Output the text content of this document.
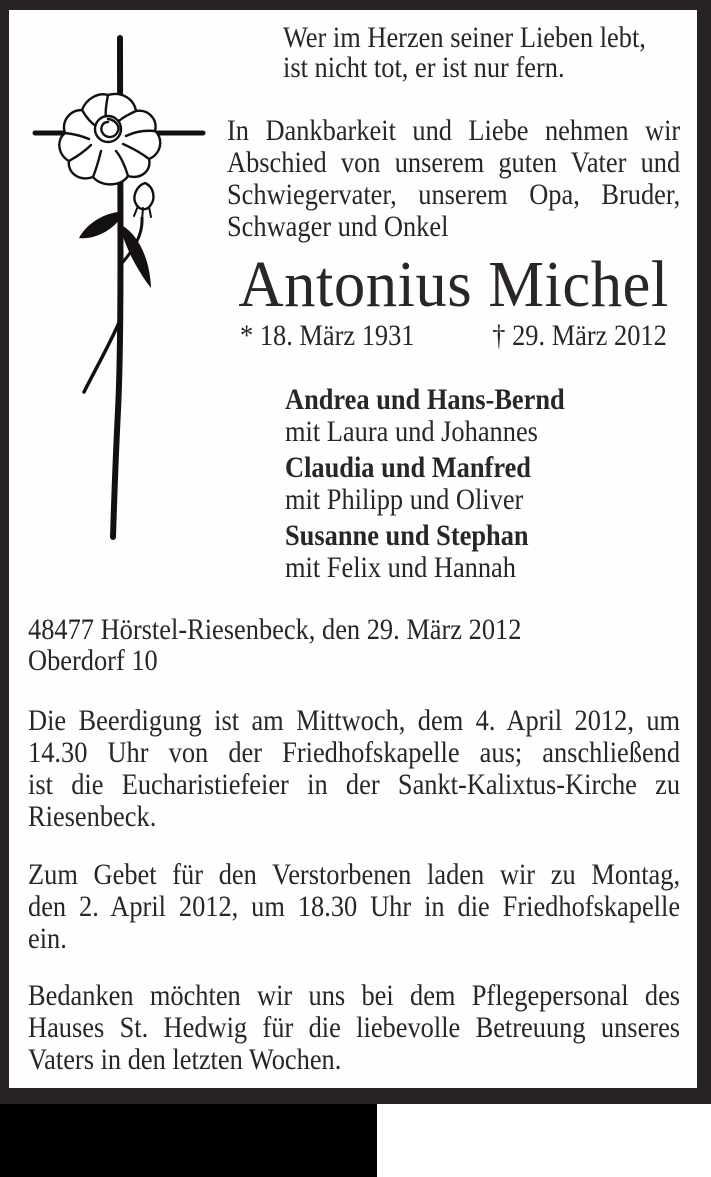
Wer im Herzen seiner Lieben lebt,
ist nicht tot, er ist nur fern.
In Dankbarkeit und Liebe nehmen wir
Abschied von unserem guten Vater und
Schwiegervater, unserem Opa, Bruder,
Schwager und Onkel
Antonius Michel
* 18. März 1931	† 29. März 2012
Andrea und Hans-Bernd
mit Laura und Johannes
Claudia und Manfred
mit Philipp und Oliver
Susanne und Stephan
mit Felix und Hannah
48477 Hörstel-Riesenbeck, den 29. März 2012
Oberdorf 10
Die Beerdigung ist am Mittwoch, dem 4. April 2012, um
14.30 Uhr von der Friedhofskapelle aus; anschließend
ist die Eucharistiefeier in der Sankt-Kalixtus-Kirche zu
Riesenbeck.
Zum Gebet für den Verstorbenen laden wir zu Montag,
den 2. April 2012, um 18.30 Uhr in die Friedhofskapelle
ein.
Bedanken möchten wir uns bei dem Pflegepersonal des
Hauses St. Hedwig für die liebevolle Betreuung unseres
Vaters in den letzten Wochen.
